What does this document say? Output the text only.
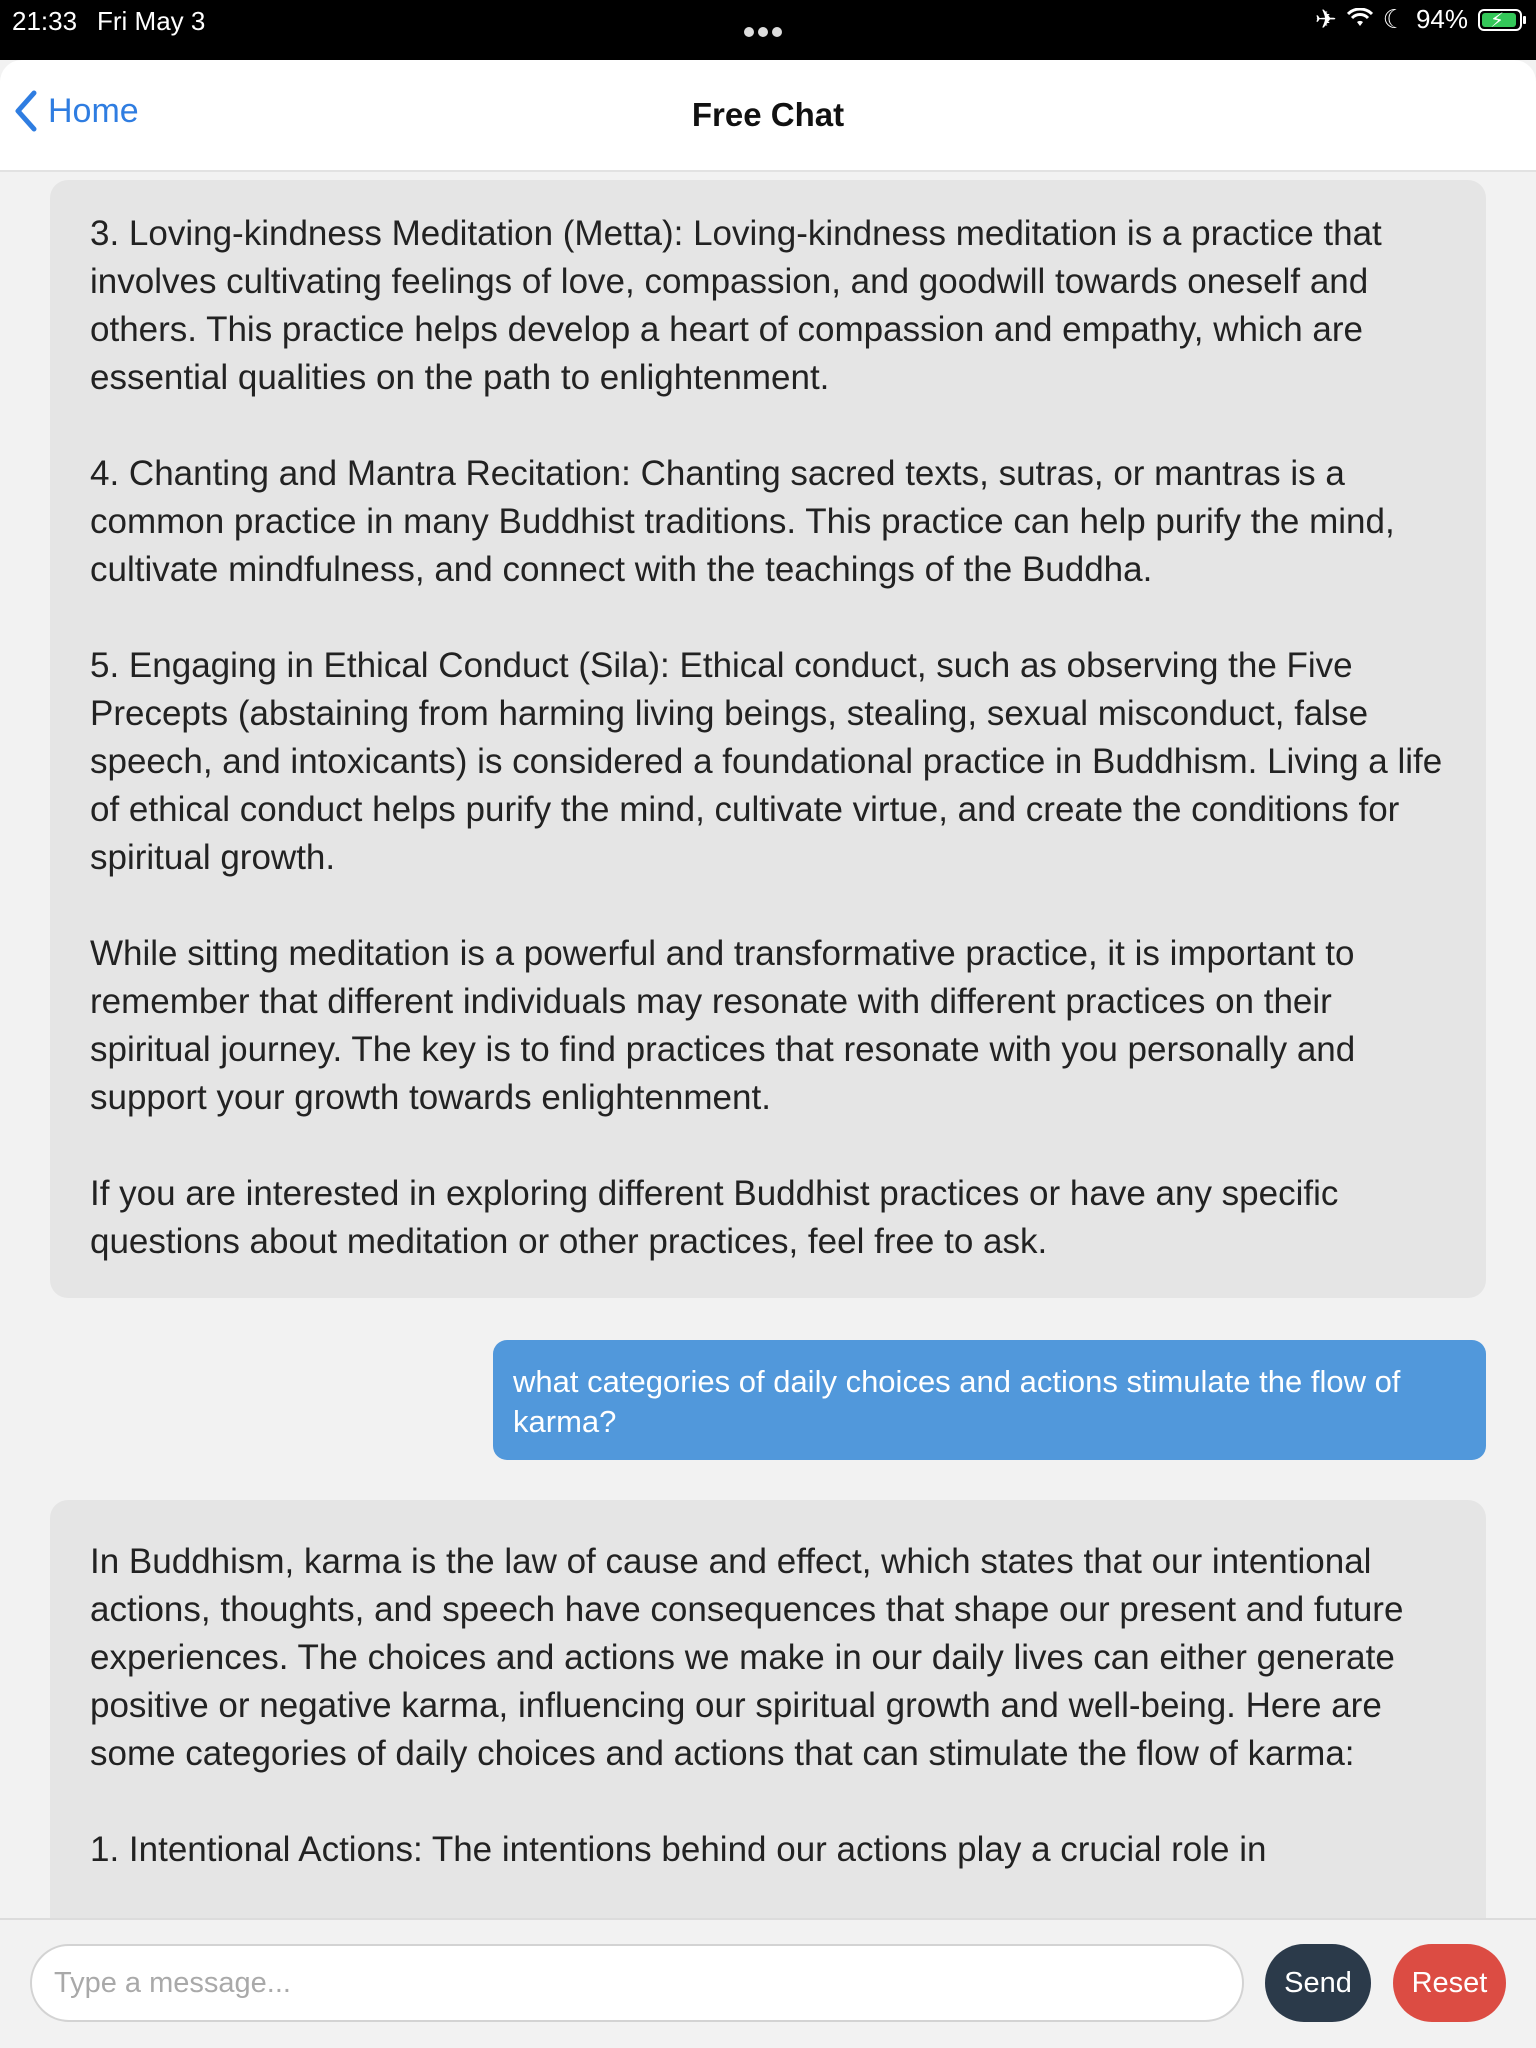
21:33 Fri May 3	✈ ☾ 94% ⚡
Home	Free Chat

3. Loving-kindness Meditation (Metta): Loving-kindness meditation is a practice that involves cultivating feelings of love, compassion, and goodwill towards oneself and others. This practice helps develop a heart of compassion and empathy, which are essential qualities on the path to enlightenment.

4. Chanting and Mantra Recitation: Chanting sacred texts, sutras, or mantras is a common practice in many Buddhist traditions. This practice can help purify the mind, cultivate mindfulness, and connect with the teachings of the Buddha.

5. Engaging in Ethical Conduct (Sila): Ethical conduct, such as observing the Five Precepts (abstaining from harming living beings, stealing, sexual misconduct, false speech, and intoxicants) is considered a foundational practice in Buddhism. Living a life of ethical conduct helps purify the mind, cultivate virtue, and create the conditions for spiritual growth.

While sitting meditation is a powerful and transformative practice, it is important to remember that different individuals may resonate with different practices on their spiritual journey. The key is to find practices that resonate with you personally and support your growth towards enlightenment.

If you are interested in exploring different Buddhist practices or have any specific questions about meditation or other practices, feel free to ask.

what categories of daily choices and actions stimulate the flow of karma?

In Buddhism, karma is the law of cause and effect, which states that our intentional actions, thoughts, and speech have consequences that shape our present and future experiences. The choices and actions we make in our daily lives can either generate positive or negative karma, influencing our spiritual growth and well-being. Here are some categories of daily choices and actions that can stimulate the flow of karma:

1. Intentional Actions: The intentions behind our actions play a crucial role in

Type a message...
Send	Reset
